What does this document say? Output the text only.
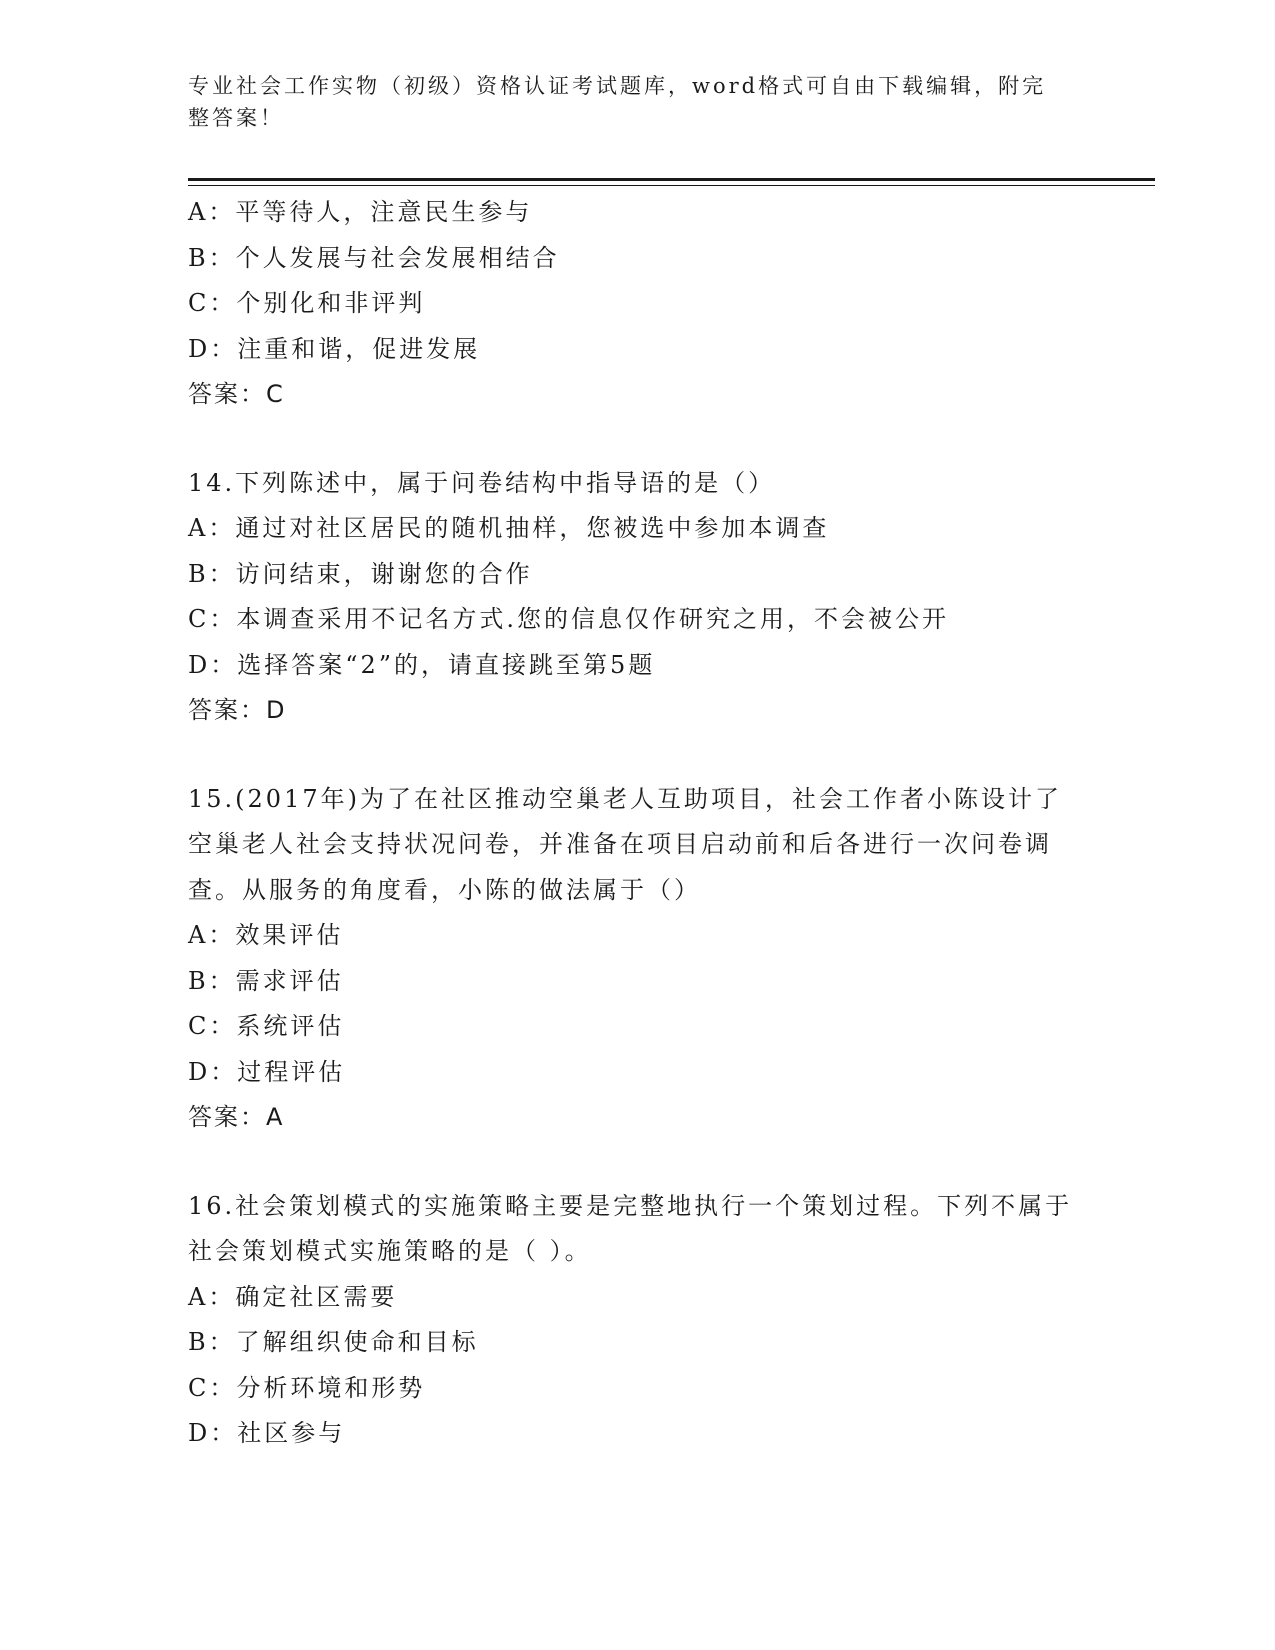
专业社会工作实物（初级）资格认证考试题库，word格式可自由下载编辑，附完整答案！
A：平等待人，注意民生参与
B：个人发展与社会发展相结合
C：个别化和非评判
D：注重和谐，促进发展
答案：C
14.下列陈述中，属于问卷结构中指导语的是（）
A：通过对社区居民的随机抽样，您被选中参加本调查
B：访问结束，谢谢您的合作
C：本调查采用不记名方式.您的信息仅作研究之用，不会被公开
D：选择答案“2”的，请直接跳至第5题
答案：D
15.(2017年)为了在社区推动空巢老人互助项目，社会工作者小陈设计了空巢老人社会支持状况问卷，并准备在项目启动前和后各进行一次问卷调查。从服务的角度看，小陈的做法属于（）
A：效果评估
B：需求评估
C：系统评估
D：过程评估
答案：A
16.社会策划模式的实施策略主要是完整地执行一个策划过程。下列不属于社会策划模式实施策略的是（ ）。
A：确定社区需要
B：了解组织使命和目标
C：分析环境和形势
D：社区参与
